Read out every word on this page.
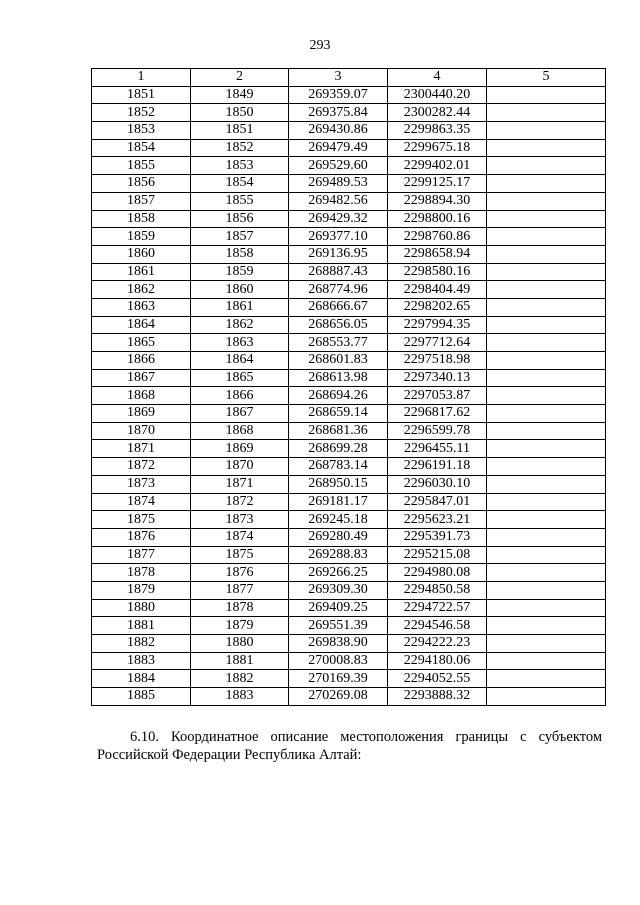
293
1	2	3	4	5
1851	1849	269359.07	2300440.20	
1852	1850	269375.84	2300282.44	
1853	1851	269430.86	2299863.35	
1854	1852	269479.49	2299675.18	
1855	1853	269529.60	2299402.01	
1856	1854	269489.53	2299125.17	
1857	1855	269482.56	2298894.30	
1858	1856	269429.32	2298800.16	
1859	1857	269377.10	2298760.86	
1860	1858	269136.95	2298658.94	
1861	1859	268887.43	2298580.16	
1862	1860	268774.96	2298404.49	
1863	1861	268666.67	2298202.65	
1864	1862	268656.05	2297994.35	
1865	1863	268553.77	2297712.64	
1866	1864	268601.83	2297518.98	
1867	1865	268613.98	2297340.13	
1868	1866	268694.26	2297053.87	
1869	1867	268659.14	2296817.62	
1870	1868	268681.36	2296599.78	
1871	1869	268699.28	2296455.11	
1872	1870	268783.14	2296191.18	
1873	1871	268950.15	2296030.10	
1874	1872	269181.17	2295847.01	
1875	1873	269245.18	2295623.21	
1876	1874	269280.49	2295391.73	
1877	1875	269288.83	2295215.08	
1878	1876	269266.25	2294980.08	
1879	1877	269309.30	2294850.58	
1880	1878	269409.25	2294722.57	
1881	1879	269551.39	2294546.58	
1882	1880	269838.90	2294222.23	
1883	1881	270008.83	2294180.06	
1884	1882	270169.39	2294052.55	
1885	1883	270269.08	2293888.32	
6.10. Координатное описание местоположения границы с субъектом
Российской Федерации Республика Алтай:
